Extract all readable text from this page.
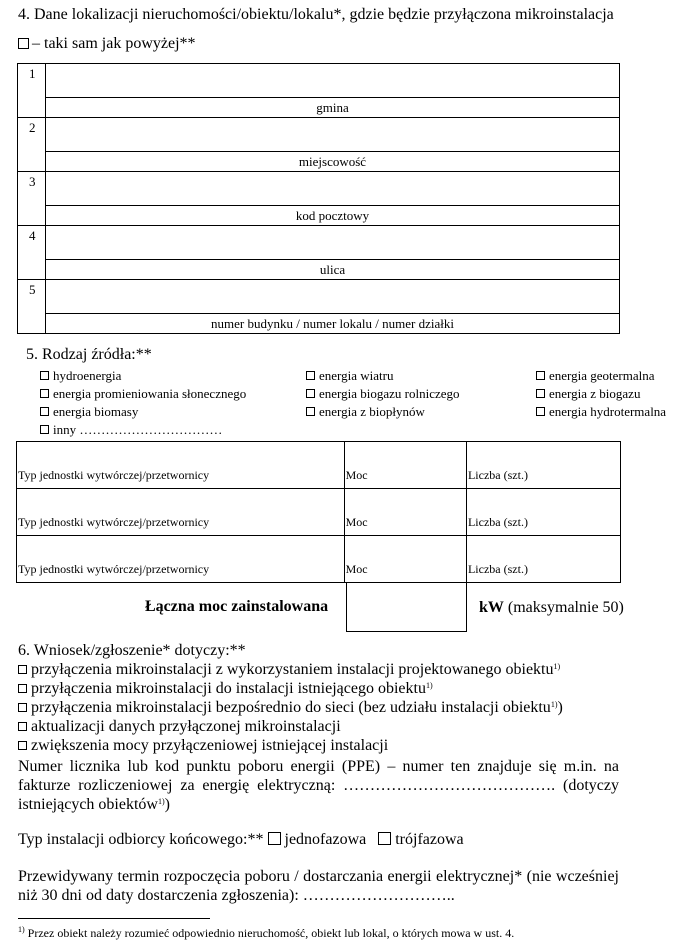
4. Dane lokalizacji nieruchomości/obiektu/lokalu*, gdzie będzie przyłączona mikroinstalacja
– taki sam jak powyżej**
1	
	gmina
2	
	miejscowość
3	
	kod pocztowy
4	
	ulica
5	
	numer budynku / numer lokalu / numer działki
5. Rodzaj źródła:**
hydroenergia	energia wiatru	energia geotermalna
energia promieniowania słonecznego	energia biogazu rolniczego	energia z biogazu
energia biomasy	energia z biopłynów	energia hydrotermalna
inny ……………………………
Typ jednostki wytwórczej/przetwornicy	Moc	Liczba (szt.)
Typ jednostki wytwórczej/przetwornicy	Moc	Liczba (szt.)
Typ jednostki wytwórczej/przetwornicy	Moc	Liczba (szt.)
Łączna moc zainstalowana	kW (maksymalnie 50)
6. Wniosek/zgłoszenie* dotyczy:**
przyłączenia mikroinstalacji z wykorzystaniem instalacji projektowanego obiektu$^{1)}$
przyłączenia mikroinstalacji do instalacji istniejącego obiektu$^{1)}$
przyłączenia mikroinstalacji bezpośrednio do sieci (bez udziału instalacji obiektu$^{1)}$)
aktualizacji danych przyłączonej mikroinstalacji
zwiększenia mocy przyłączeniowej istniejącej instalacji
Numer licznika lub kod punktu poboru energii (PPE) – numer ten znajduje się m.in. na
fakturze rozliczeniowej za energię elektryczną: …………………………………. (dotyczy
istniejących obiektów$^{1)}$)
Typ instalacji odbiorcy końcowego:** jednofazowa trójfazowa
Przewidywany termin rozpoczęcia poboru / dostarczania energii elektrycznej* (nie wcześniej
niż 30 dni od daty dostarczenia zgłoszenia): ………………………..
$^{1)}$ Przez obiekt należy rozumieć odpowiednio nieruchomość, obiekt lub lokal, o których mowa w ust. 4.
